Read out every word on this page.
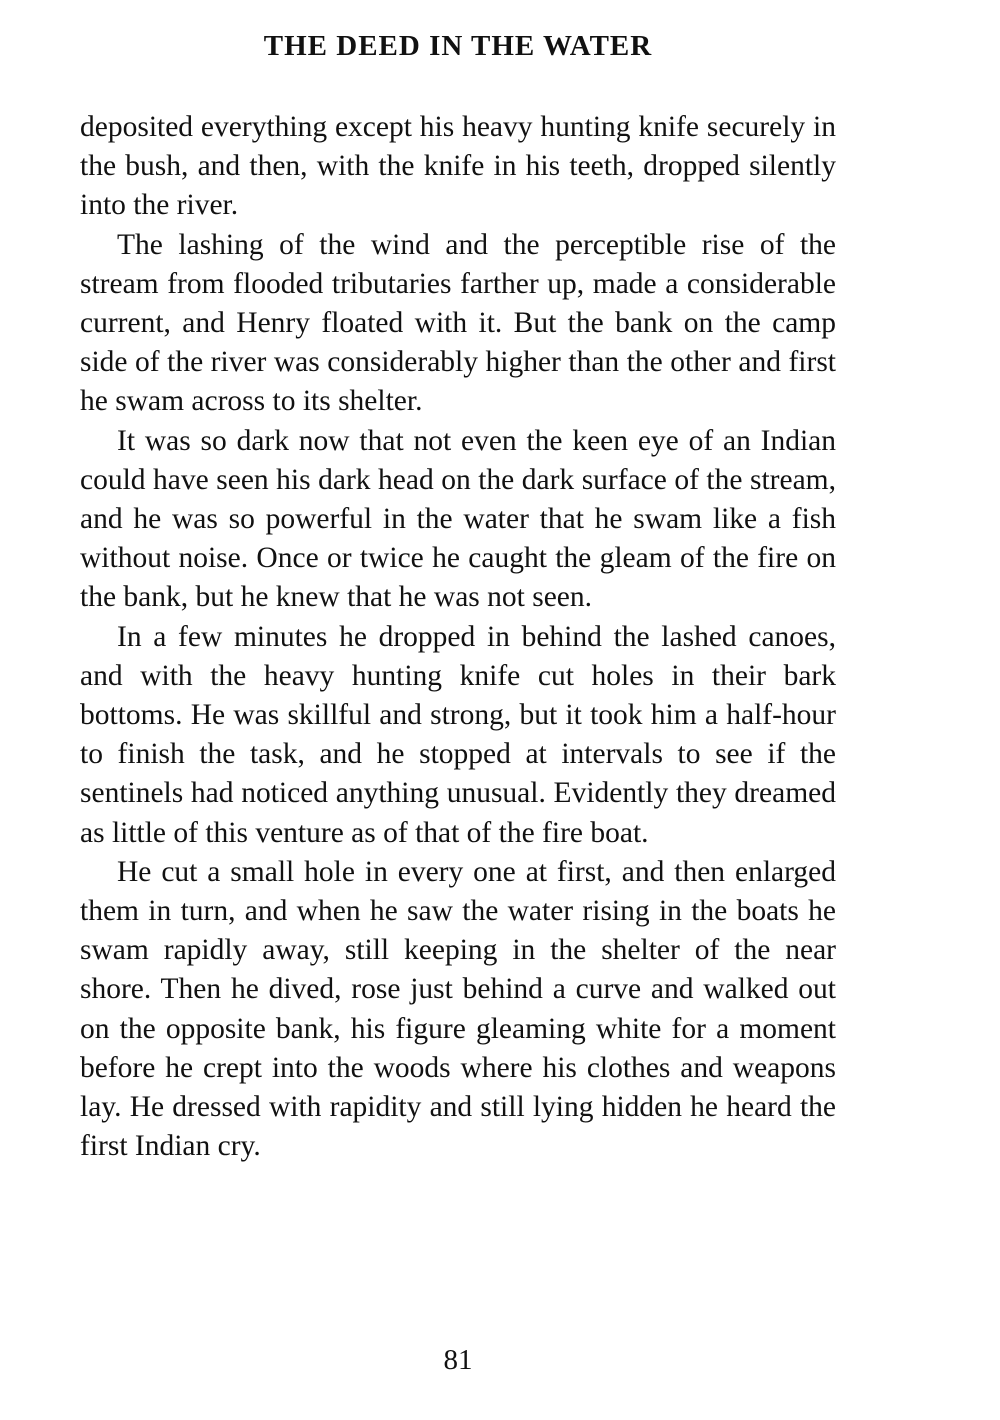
THE DEED IN THE WATER

deposited everything except his heavy hunting knife securely in the bush, and then, with the knife in his teeth, dropped silently into the river.

The lashing of the wind and the perceptible rise of the stream from flooded tributaries farther up, made a considerable current, and Henry floated with it. But the bank on the camp side of the river was considerably higher than the other and first he swam across to its shelter.

It was so dark now that not even the keen eye of an Indian could have seen his dark head on the dark surface of the stream, and he was so powerful in the water that he swam like a fish without noise. Once or twice he caught the gleam of the fire on the bank, but he knew that he was not seen.

In a few minutes he dropped in behind the lashed canoes, and with the heavy hunting knife cut holes in their bark bottoms. He was skillful and strong, but it took him a half-hour to finish the task, and he stopped at intervals to see if the sentinels had noticed anything unusual. Evidently they dreamed as little of this venture as of that of the fire boat.

He cut a small hole in every one at first, and then enlarged them in turn, and when he saw the water rising in the boats he swam rapidly away, still keeping in the shelter of the near shore. Then he dived, rose just behind a curve and walked out on the opposite bank, his figure gleaming white for a moment before he crept into the woods where his clothes and weapons lay. He dressed with rapidity and still lying hidden he heard the first Indian cry.

81
